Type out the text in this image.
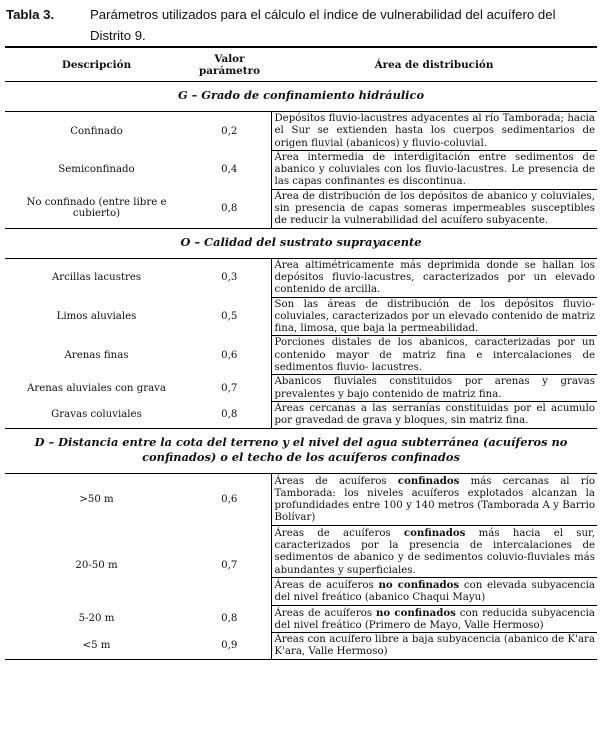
Tabla 3.	Parámetros utilizados para el cálculo el índice de vulnerabilidad del acuífero del Distrito 9.
Descripción	Valor parámetro	Área de distribución
G – Grado de confinamiento hidráulico		
Confinado	0,2	Depósitos fluvio-lacustres adyacentes al río Tamborada; hacia el Sur se extienden hasta los cuerpos sedimentarios de origen fluvial (abanicos) y fluvio-coluvial.
Semiconfinado	0,4	Área intermedia de interdigitación entre sedimentos de abanico y coluviales con los fluvio-lacustres. Le presencia de las capas confinantes es discontinua.
No confinado (entre libre e cubierto)	0,8	Área de distribución de los depósitos de abanico y coluviales, sin presencia de capas someras impermeables susceptibles de reducir la vulnerabilidad del acuífero subyacente.
O – Calidad del sustrato suprayacente		
Arcillas lacustres	0,3	Área altimétricamente más deprimida donde se hallan los depósitos fluvio-lacustres, caracterizados por un elevado contenido de arcilla.
Limos aluviales	0,5	Son las áreas de distribución de los depósitos fluvio-coluviales, caracterizados por un elevado contenido de matriz fina, limosa, que baja la permeabilidad.
Arenas finas	0,6	Porciones distales de los abanicos, caracterizadas por un contenido mayor de matriz fina e intercalaciones de sedimentos fluvio- lacustres.
Arenas aluviales con grava	0,7	Abanicos fluviales constituidos por arenas y gravas prevalentes y bajo contenido de matriz fina.
Gravas coluviales	0,8	Áreas cercanas a las serranías constituidas por el acumulo por gravedad de grava y bloques, sin matriz fina.
D – Distancia entre la cota del terreno y el nivel del agua subterránea (acuíferos no confinados) o el techo de los acuíferos confinados		
>50 m	0,6	Áreas de acuíferos confinados más cercanas al río Tamborada: los niveles acuíferos explotados alcanzan la profundidades entre 100 y 140 metros (Tamborada A y Barrio Bolívar)
20-50 m	0,7	Áreas de acuíferos confinados más hacia el sur, caracterizados por la presencia de intercalaciones de sedimentos de abanico y de sedimentos coluvio-fluviales más abundantes y superficiales.
		Áreas de acuíferos no confinados con elevada subyacencia del nivel freático (abanico Chaqui Mayu)
5-20 m	0,8	Áreas de acuíferos no confinados con reducida subyacencia del nivel freático (Primero de Mayo, Valle Hermoso)
<5 m	0,9	Áreas con acuífero libre a baja subyacencia (abanico de K'ara K'ara, Valle Hermoso)
